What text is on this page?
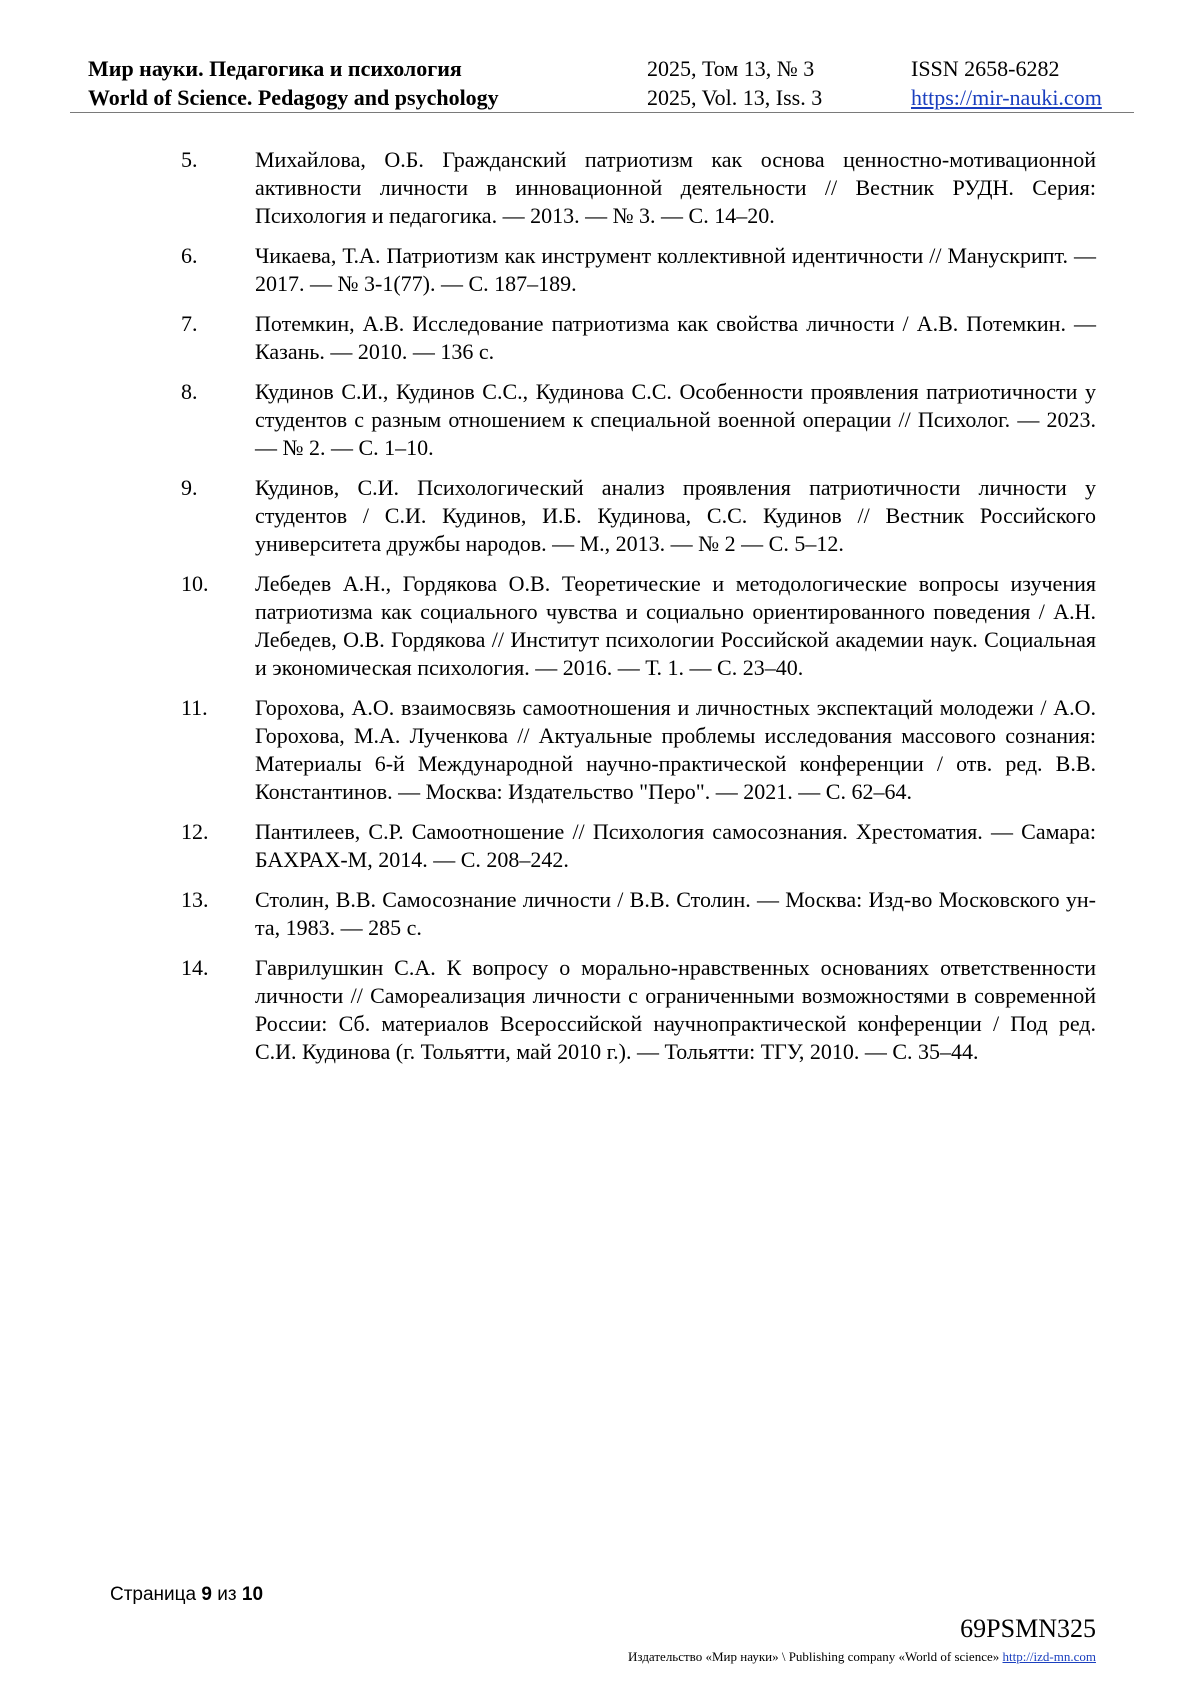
Мир науки. Педагогика и психология
World of Science. Pedagogy and psychology
2025, Том 13, № 3
2025, Vol. 13, Iss. 3
ISSN 2658-6282
https://mir-nauki.com
5.	Михайлова, О.Б. Гражданский патриотизм как основа ценностно-мотивационной активности личности в инновационной деятельности // Вестник РУДН. Серия: Психология и педагогика. — 2013. — № 3. — С. 14–20.
6.	Чикаева, Т.А. Патриотизм как инструмент коллективной идентичности // Манускрипт. — 2017. — № 3-1(77). — С. 187–189.
7.	Потемкин, А.В. Исследование патриотизма как свойства личности / А.В. Потемкин. — Казань. — 2010. — 136 с.
8.	Кудинов С.И., Кудинов С.С., Кудинова С.С. Особенности проявления патриотичности у студентов с разным отношением к специальной военной операции // Психолог. — 2023. — № 2. — С. 1–10.
9.	Кудинов, С.И. Психологический анализ проявления патриотичности личности у студентов / С.И. Кудинов, И.Б. Кудинова, С.С. Кудинов // Вестник Российского университета дружбы народов. — М., 2013. — № 2 — С. 5–12.
10.	Лебедев А.Н., Гордякова О.В. Теоретические и методологические вопросы изучения патриотизма как социального чувства и социально ориентированного поведения / А.Н. Лебедев, О.В. Гордякова // Институт психологии Российской академии наук. Социальная и экономическая психология. — 2016. — Т. 1. — С. 23–40.
11.	Горохова, А.О. взаимосвязь самоотношения и личностных экспектаций молодежи / А.О. Горохова, М.А. Лученкова // Актуальные проблемы исследования массового сознания: Материалы 6-й Международной научно-практической конференции / отв. ред. В.В. Константинов. — Москва: Издательство "Перо". — 2021. — С. 62–64.
12.	Пантилеев, С.Р. Самоотношение // Психология самосознания. Хрестоматия. — Самара: БАХРАХ-М, 2014. — С. 208–242.
13.	Столин, В.В. Самосознание личности / В.В. Столин. — Москва: Изд-во Московского ун-та, 1983. — 285 с.
14.	Гаврилушкин С.А. К вопросу о морально-нравственных основаниях ответственности личности // Самореализация личности с ограниченными возможностями в современной России: Сб. материалов Всероссийской научнопрактической конференции / Под ред. С.И. Кудинова (г. Тольятти, май 2010 г.). — Тольятти: ТГУ, 2010. — С. 35–44.
Страница 9 из 10
69PSMN325
Издательство «Мир науки» \ Publishing company «World of science» http://izd-mn.com
